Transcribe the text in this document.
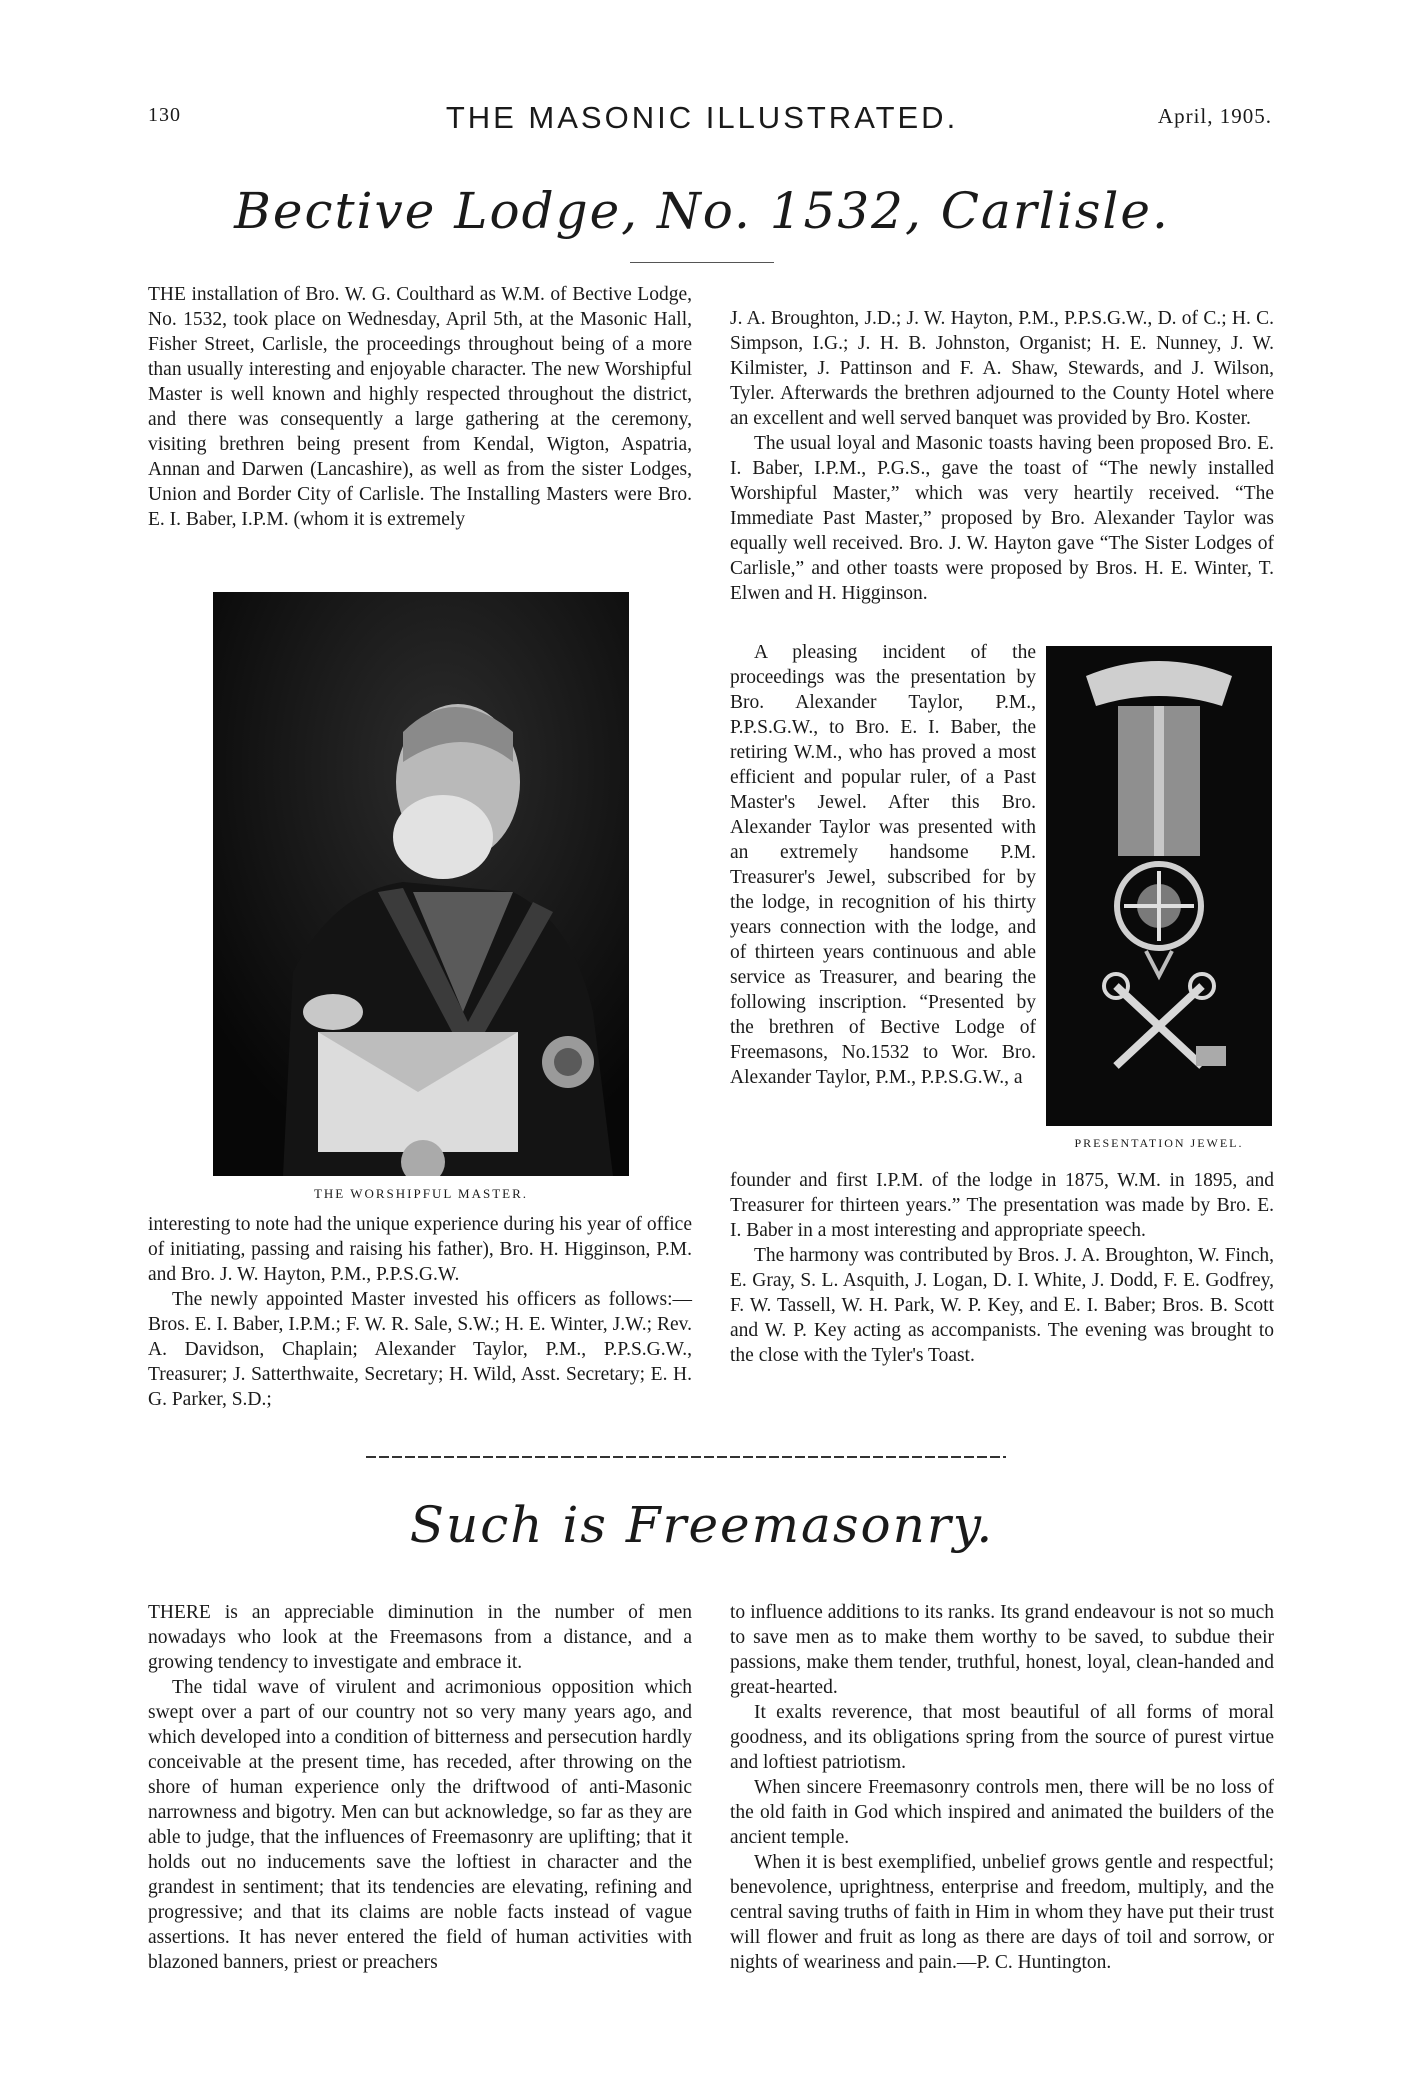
130	THE MASONIC ILLUSTRATED.	April, 1905.
Bective Lodge, No. 1532, Carlisle.

THE installation of Bro. W. G. Coulthard as W.M. of Bective Lodge, No. 1532, took place on Wednesday, April 5th, at the Masonic Hall, Fisher Street, Carlisle, the proceedings throughout being of a more than usually interesting and enjoyable character. The new Worshipful Master is well known and highly respected throughout the district, and there was consequently a large gathering at the ceremony, visiting brethren being present from Kendal, Wigton, Aspatria, Annan and Darwen (Lancashire), as well as from the sister Lodges, Union and Border City of Carlisle. The Installing Masters were Bro. E. I. Baber, I.P.M. (whom it is extremely

THE WORSHIPFUL MASTER.

interesting to note had the unique experience during his year of office of initiating, passing and raising his father), Bro. H. Higginson, P.M. and Bro. J. W. Hayton, P.M., P.P.S.G.W.

The newly appointed Master invested his officers as follows:—Bros. E. I. Baber, I.P.M.; F. W. R. Sale, S.W.; H. E. Winter, J.W.; Rev. A. Davidson, Chaplain; Alexander Taylor, P.M., P.P.S.G.W., Treasurer; J. Satterthwaite, Secretary; H. Wild, Asst. Secretary; E. H. G. Parker, S.D.;

J. A. Broughton, J.D.; J. W. Hayton, P.M., P.P.S.G.W., D. of C.; H. C. Simpson, I.G.; J. H. B. Johnston, Organist; H. E. Nunney, J. W. Kilmister, J. Pattinson and F. A. Shaw, Stewards, and J. Wilson, Tyler. Afterwards the brethren adjourned to the County Hotel where an excellent and well served banquet was provided by Bro. Koster.

The usual loyal and Masonic toasts having been proposed Bro. E. I. Baber, I.P.M., P.G.S., gave the toast of “The newly installed Worshipful Master,” which was very heartily received. “The Immediate Past Master,” proposed by Bro. Alexander Taylor was equally well received. Bro. J. W. Hayton gave “The Sister Lodges of Carlisle,” and other toasts were proposed by Bros. H. E. Winter, T. Elwen and H. Higginson.

A pleasing incident of the proceedings was the presentation by Bro. Alexander Taylor, P.M., P.P.S.G.W., to Bro. E. I. Baber, the retiring W.M., who has proved a most efficient and popular ruler, of a Past Master's Jewel. After this Bro. Alexander Taylor was presented with an extremely handsome P.M. Treasurer's Jewel, subscribed for by the lodge, in recognition of his thirty years connection with the lodge, and of thirteen years continuous and able service as Treasurer, and bearing the following inscription. “Presented by the brethren of Bective Lodge of Freemasons, No.1532 to Wor. Bro. Alexander Taylor, P.M., P.P.S.G.W., a

PRESENTATION JEWEL.

founder and first I.P.M. of the lodge in 1875, W.M. in 1895, and Treasurer for thirteen years.” The presentation was made by Bro. E. I. Baber in a most interesting and appropriate speech.

The harmony was contributed by Bros. J. A. Broughton, W. Finch, E. Gray, S. L. Asquith, J. Logan, D. I. White, J. Dodd, F. E. Godfrey, F. W. Tassell, W. H. Park, W. P. Key, and E. I. Baber; Bros. B. Scott and W. P. Key acting as accompanists. The evening was brought to the close with the Tyler's Toast.

Such is Freemasonry.

THERE is an appreciable diminution in the number of men nowadays who look at the Freemasons from a distance, and a growing tendency to investigate and embrace it.

The tidal wave of virulent and acrimonious opposition which swept over a part of our country not so very many years ago, and which developed into a condition of bitterness and persecution hardly conceivable at the present time, has receded, after throwing on the shore of human experience only the driftwood of anti-Masonic narrowness and bigotry. Men can but acknowledge, so far as they are able to judge, that the influences of Freemasonry are uplifting; that it holds out no inducements save the loftiest in character and the grandest in sentiment; that its tendencies are elevating, refining and progressive; and that its claims are noble facts instead of vague assertions. It has never entered the field of human activities with blazoned banners, priest or preachers

to influence additions to its ranks. Its grand endeavour is not so much to save men as to make them worthy to be saved, to subdue their passions, make them tender, truthful, honest, loyal, clean-handed and great-hearted.

It exalts reverence, that most beautiful of all forms of moral goodness, and its obligations spring from the source of purest virtue and loftiest patriotism.

When sincere Freemasonry controls men, there will be no loss of the old faith in God which inspired and animated the builders of the ancient temple.

When it is best exemplified, unbelief grows gentle and respectful; benevolence, uprightness, enterprise and freedom, multiply, and the central saving truths of faith in Him in whom they have put their trust will flower and fruit as long as there are days of toil and sorrow, or nights of weariness and pain.—P. C. Huntington.
